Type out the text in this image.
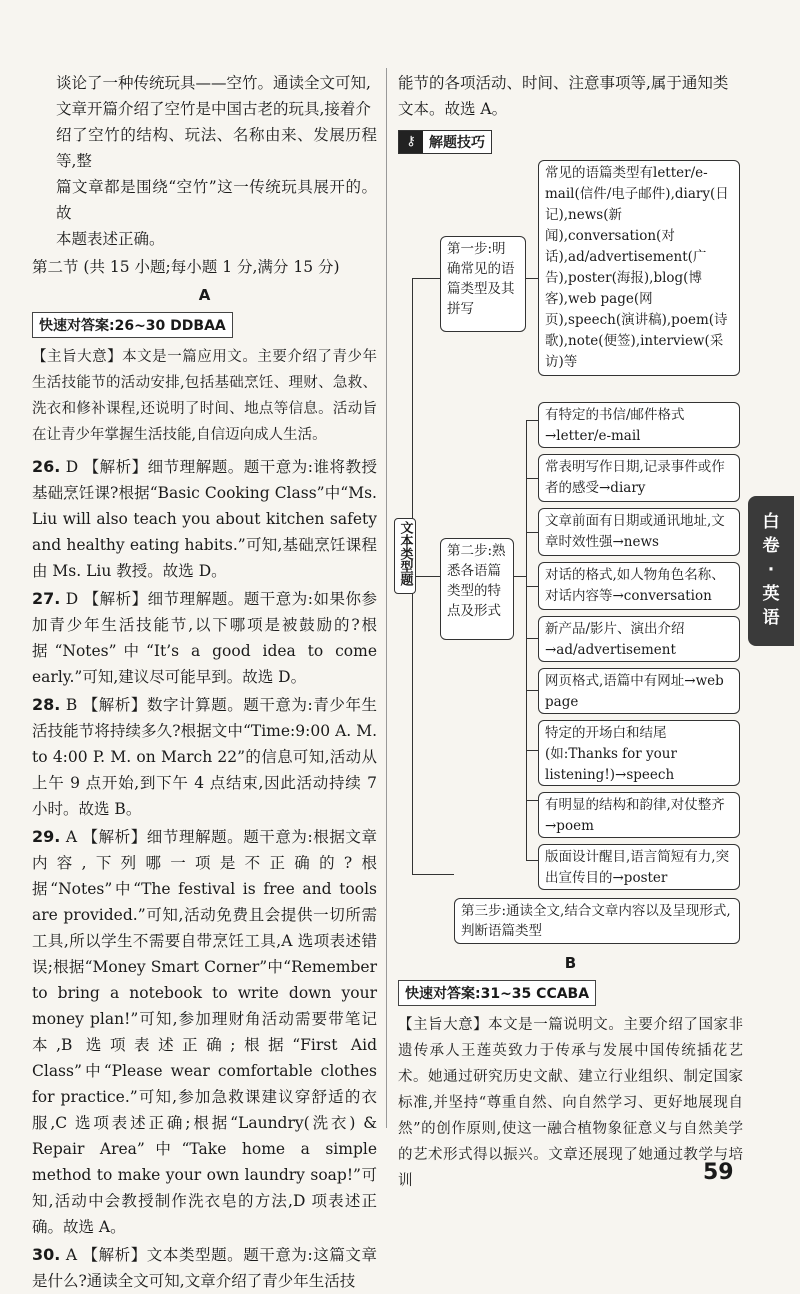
谈论了一种传统玩具——空竹。通读全文可知,

文章开篇介绍了空竹是中国古老的玩具,接着介

绍了空竹的结构、玩法、名称由来、发展历程等,整

篇文章都是围绕“空竹”这一传统玩具展开的。故

本题表述正确。

第二节 (共 15 小题;每小题 1 分,满分 15 分)

A

快速对答案:26~30 DDBAA

【主旨大意】本文是一篇应用文。主要介绍了青少年生活技能节的活动安排,包括基础烹饪、理财、急救、洗衣和修补课程,还说明了时间、地点等信息。活动旨在让青少年掌握生活技能,自信迈向成人生活。

26. D 【解析】细节理解题。题干意为:谁将教授基础烹饪课?根据“Basic Cooking Class”中“Ms. Liu will also teach you about kitchen safety and healthy eating habits.”可知,基础烹饪课程由 Ms. Liu 教授。故选 D。

27. D 【解析】细节理解题。题干意为:如果你参加青少年生活技能节,以下哪项是被鼓励的?根据“Notes”中“It’s a good idea to come early.”可知,建议尽可能早到。故选 D。

28. B 【解析】数字计算题。题干意为:青少年生活技能节将持续多久?根据文中“Time:9:00 A. M. to 4:00 P. M. on March 22”的信息可知,活动从上午 9 点开始,到下午 4 点结束,因此活动持续 7 小时。故选 B。

29. A 【解析】细节理解题。题干意为:根据文章内容,下列哪一项是不正确的?根据“Notes”中“The festival is free and tools are provided.”可知,活动免费且会提供一切所需工具,所以学生不需要自带烹饪工具,A 选项表述错误;根据“Money Smart Corner”中“Remember to bring a notebook to write down your money plan!”可知,参加理财角活动需要带笔记本,B 选项表述正确;根据“First Aid Class”中“Please wear comfortable clothes for practice.”可知,参加急救课建议穿舒适的衣服,C 选项表述正确;根据“Laundry(洗衣) & Repair Area”中“Take home a simple method to make your own laundry soap!”可知,活动中会教授制作洗衣皂的方法,D 项表述正确。故选 A。

30. A 【解析】文本类型题。题干意为:这篇文章是什么?通读全文可知,文章介绍了青少年生活技

能节的各项活动、时间、注意事项等,属于通知类

文本。故选 A。

⚷ 解题技巧
文本类型题
第一步:明确常见的语篇类型及其拼写
常见的语篇类型有letter/e-mail(信件/电子邮件),diary(日记),news(新闻),conversation(对话),ad/advertisement(广告),poster(海报),blog(博客),web page(网页),speech(演讲稿),poem(诗歌),note(便签),interview(采访)等
第二步:熟悉各语篇类型的特点及形式
有特定的书信/邮件格式→letter/e-mail
常表明写作日期,记录事件或作者的感受→diary
文章前面有日期或通讯地址,文章时效性强→news
对话的格式,如人物角色名称、对话内容等→conversation
新产品/影片、演出介绍→ad/advertisement
网页格式,语篇中有网址→web page
特定的开场白和结尾(如:Thanks for your listening!)→speech
有明显的结构和韵律,对仗整齐→poem
版面设计醒目,语言简短有力,突出宣传目的→poster
第三步:通读全文,结合文章内容以及呈现形式,判断语篇类型

B

快速对答案:31~35 CCABA

【主旨大意】本文是一篇说明文。主要介绍了国家非遗传承人王莲英致力于传承与发展中国传统插花艺术。她通过研究历史文献、建立行业组织、制定国家标准,并坚持“尊重自然、向自然学习、更好地展现自然”的创作原则,使这一融合植物象征意义与自然美学的艺术形式得以振兴。文章还展现了她通过教学与培训

白
卷
·
英
语
59
